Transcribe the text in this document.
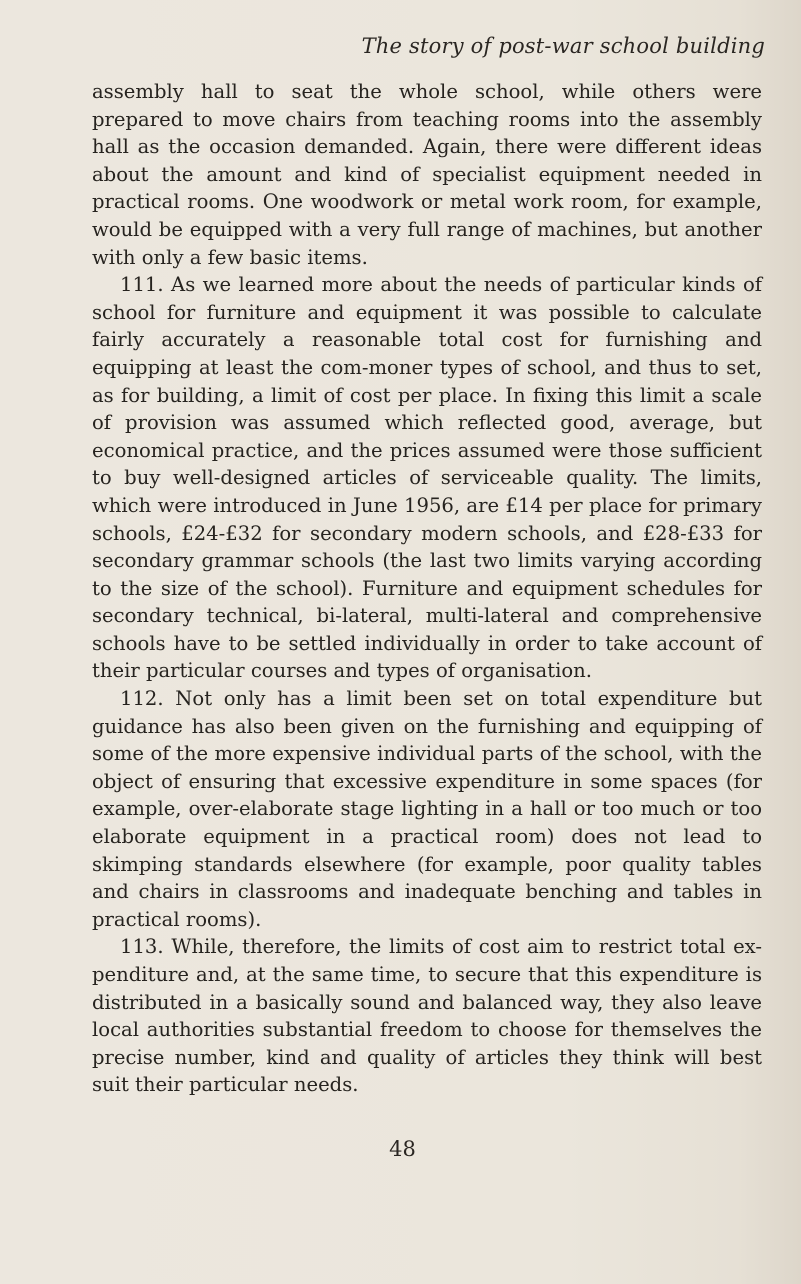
The story of post-war school building

assembly hall to seat the whole school, while others were prepared to move chairs from teaching rooms into the assembly hall as the occasion demanded. Again, there were different ideas about the amount and kind of specialist equipment needed in practical rooms. One woodwork or metal work room, for example, would be equipped with a very full range of machines, but another with only a few basic items.

111. As we learned more about the needs of particular kinds of school for furniture and equipment it was possible to calculate fairly accurately a reasonable total cost for furnishing and equipping at least the com-moner types of school, and thus to set, as for building, a limit of cost per place. In fixing this limit a scale of provision was assumed which reflected good, average, but economical practice, and the prices assumed were those sufficient to buy well-designed articles of serviceable quality. The limits, which were introduced in June 1956, are £14 per place for primary schools, £24-£32 for secondary modern schools, and £28-£33 for secondary grammar schools (the last two limits varying according to the size of the school). Furniture and equipment schedules for secondary technical, bi-lateral, multi-lateral and comprehensive schools have to be settled individually in order to take account of their particular courses and types of organisation.

112. Not only has a limit been set on total expenditure but guidance has also been given on the furnishing and equipping of some of the more expensive individual parts of the school, with the object of ensuring that excessive expenditure in some spaces (for example, over-elaborate stage lighting in a hall or too much or too elaborate equipment in a practical room) does not lead to skimping standards elsewhere (for example, poor quality tables and chairs in classrooms and inadequate benching and tables in practical rooms).

113. While, therefore, the limits of cost aim to restrict total ex-penditure and, at the same time, to secure that this expenditure is distributed in a basically sound and balanced way, they also leave local authorities substantial freedom to choose for themselves the precise number, kind and quality of articles they think will best suit their particular needs.

48
